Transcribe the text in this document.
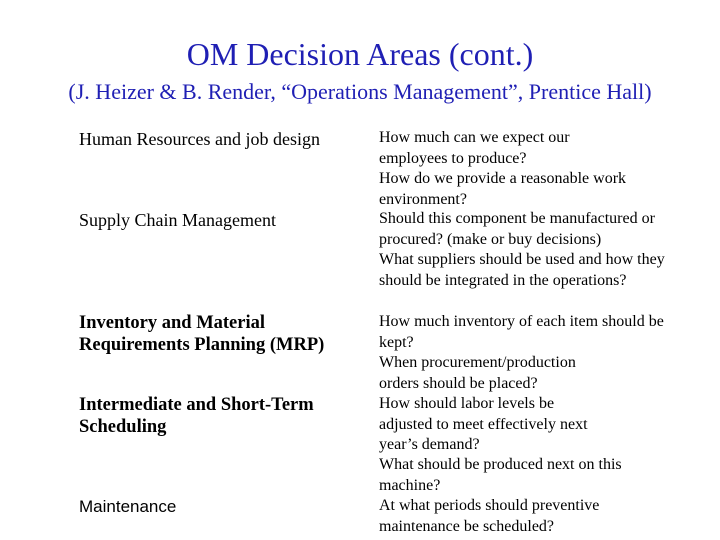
OM Decision Areas (cont.)
(J. Heizer & B. Render, “Operations Management”, Prentice Hall)
Human Resources and job design
Supply Chain Management
Inventory and Material Requirements Planning (MRP)
Intermediate and Short-Term Scheduling
Maintenance
How much can we expect our employees to produce?
How do we provide a reasonable work environment?
Should this component be manufactured or procured? (make or buy decisions)
What suppliers should be used and how they should be integrated in the operations?
How much inventory of each item should be kept?
When procurement/production orders should be placed?
How should labor levels be adjusted to meet effectively next year’s demand?
What should be produced next on this machine?
At what periods should preventive maintenance be scheduled?
